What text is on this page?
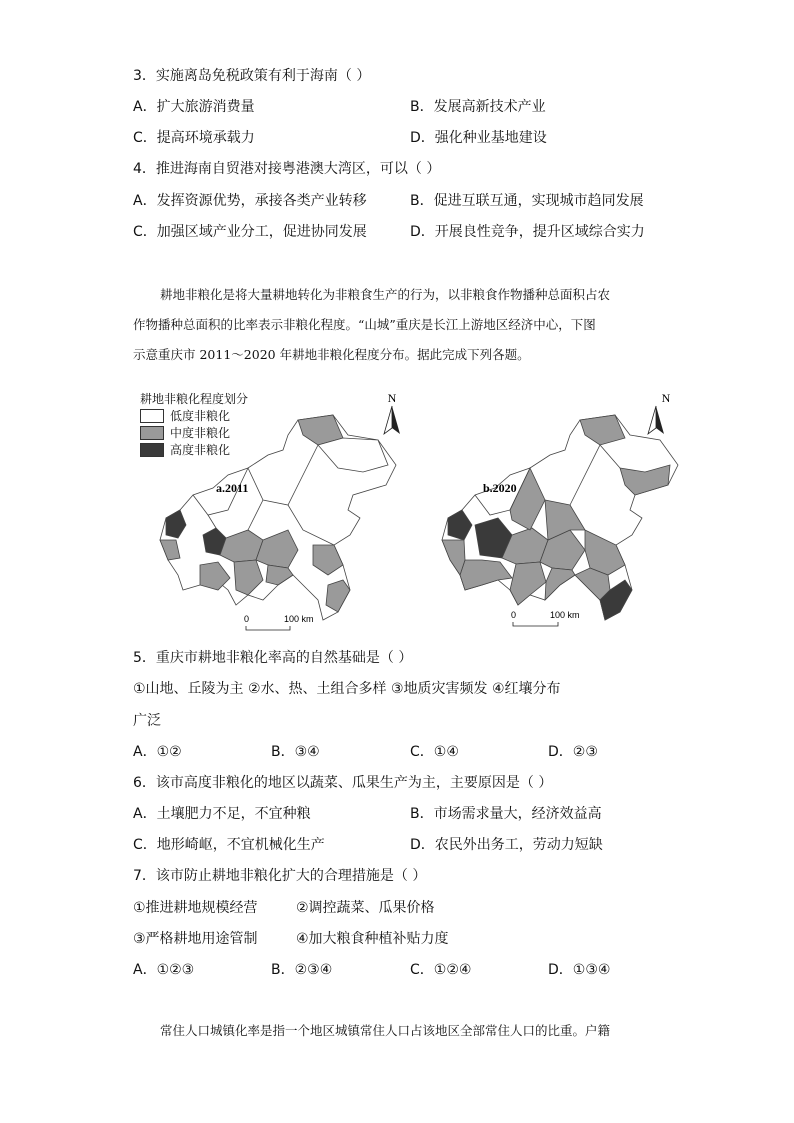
3．实施离岛免税政策有利于海南（ ）
A．扩大旅游消费量	B．发展高新技术产业
C．提高环境承载力	D．强化种业基地建设
4．推进海南自贸港对接粤港澳大湾区，可以（ ）
A．发挥资源优势，承接各类产业转移	B．促进互联互通，实现城市趋同发展
C．加强区域产业分工，促进协同发展	D．开展良性竞争，提升区域综合实力
耕地非粮化是将大量耕地转化为非粮食生产的行为，以非粮食作物播种总面积占农
作物播种总面积的比率表示非粮化程度。“山城”重庆是长江上游地区经济中心，下图
示意重庆市 2011～2020 年耕地非粮化程度分布。据此完成下列各题。
耕地非粮化程度划分
低度非粮化
中度非粮化
高度非粮化
a.2011
N
0	100 km
b.2020
N
0	100 km
5．重庆市耕地非粮化率高的自然基础是（ ）
①山地、丘陵为主 ②水、热、土组合多样 ③地质灾害频发 ④红壤分布
广泛
A．①②	B．③④	C．①④	D．②③
6．该市高度非粮化的地区以蔬菜、瓜果生产为主，主要原因是（ ）
A．土壤肥力不足，不宜种粮	B．市场需求量大，经济效益高
C．地形崎岖，不宜机械化生产	D．农民外出务工，劳动力短缺
7．该市防止耕地非粮化扩大的合理措施是（ ）
①推进耕地规模经营	②调控蔬菜、瓜果价格
③严格耕地用途管制	④加大粮食种植补贴力度
A．①②③	B．②③④	C．①②④	D．①③④
常住人口城镇化率是指一个地区城镇常住人口占该地区全部常住人口的比重。户籍
